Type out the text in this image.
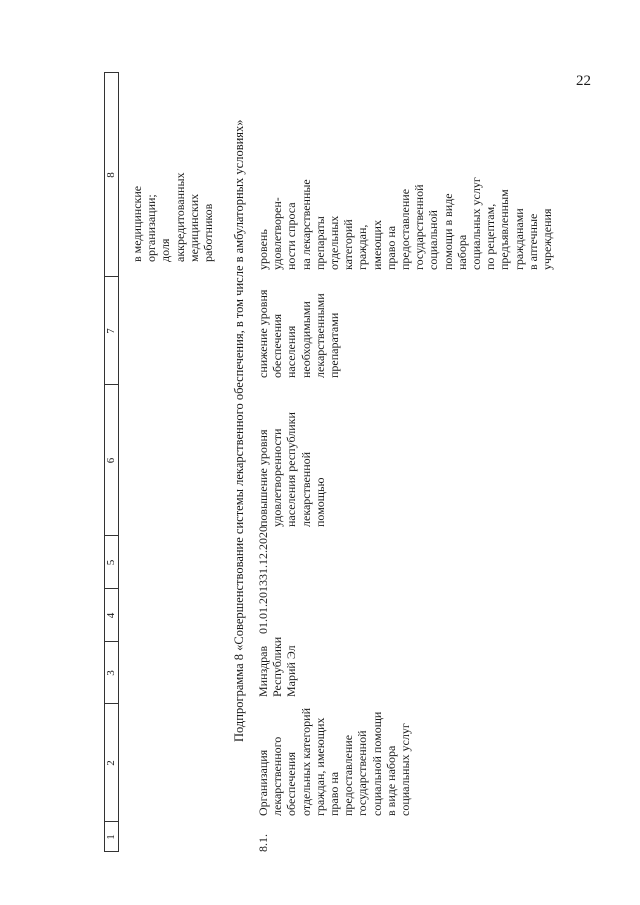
22
1
2
3
4
5
6
7
8
в медицинские организации; доля аккредитованных медицинских работников Подпрограмма 8 «Совершенствование системы лекарственного обеспечения, в том числе в амбулаторных условиях»
8.1.
Организация лекарственного обеспечения отдельных категорий граждан, имеющих право на предоставление государственной социальной помощи в виде набора социальных услуг
Минздрав Республики Марий Эл
01.01.2013
31.12.2020
повышение уровня удовлетворенности населения республики лекарственной помощью
снижение уровня обеспечения населения необходимыми лекарственными препаратами
уровень удовлетворен- ности спроса на лекарственные препараты отдельных категорий граждан, имеющих право на предоставление государственной социальной помощи в виде набора социальных услуг по рецептам, предъявленным гражданами в аптечные учреждения
